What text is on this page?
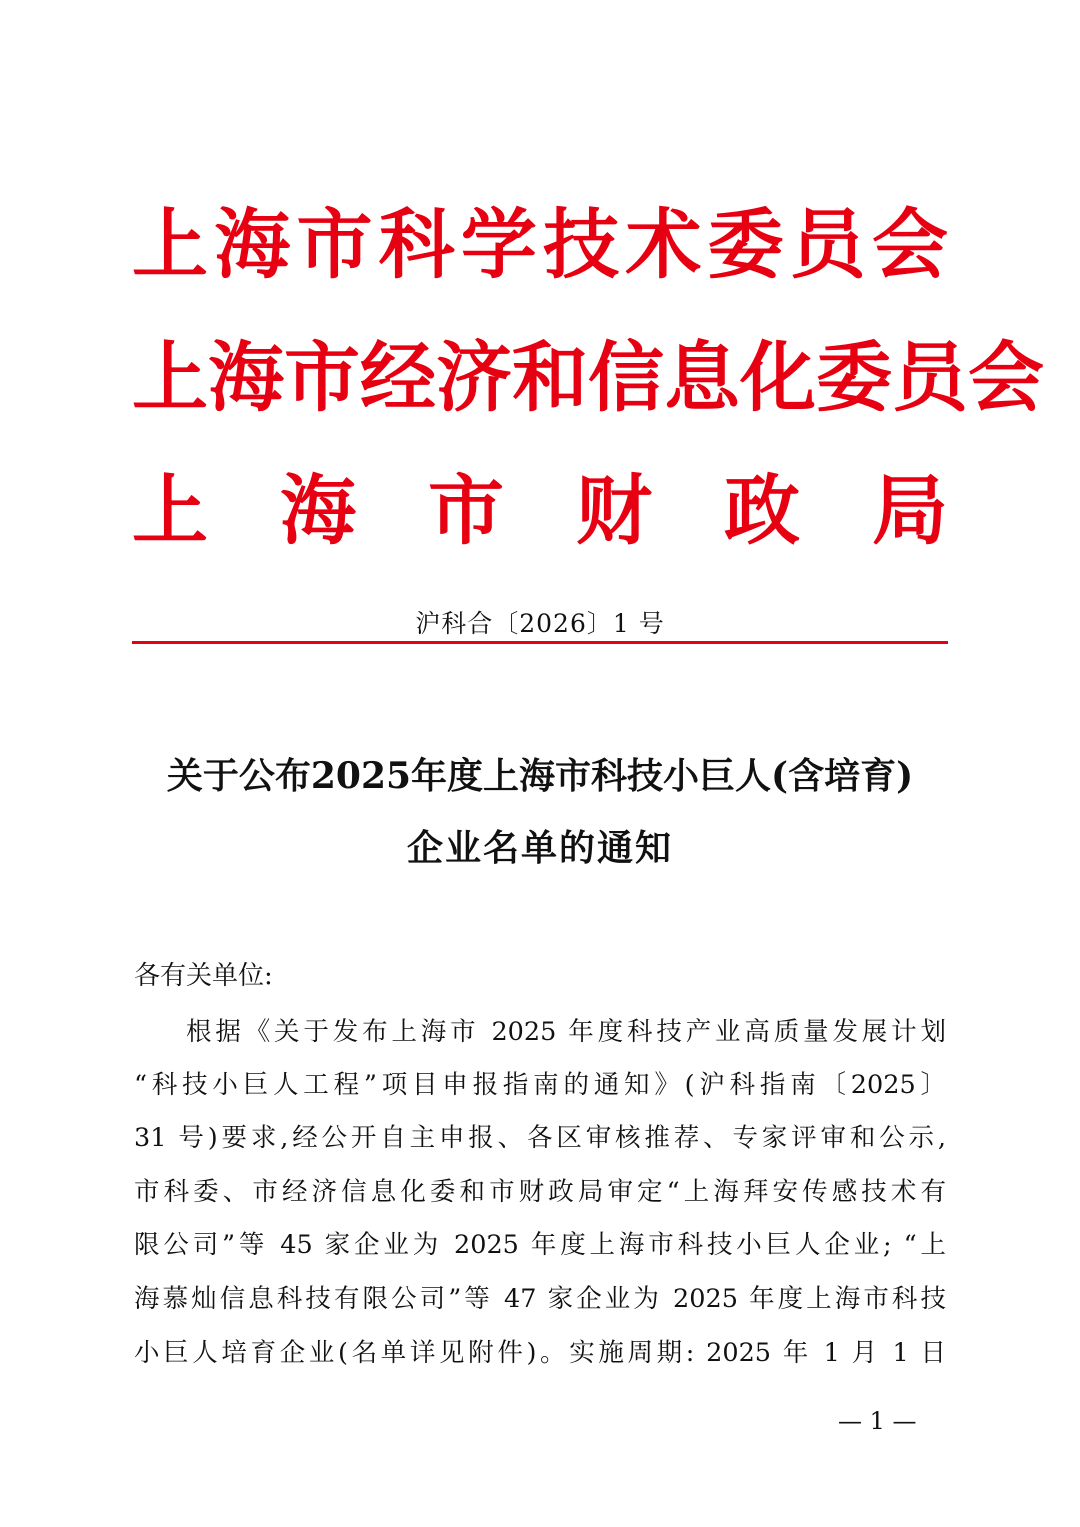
上 海 市 科 学 技 术 委 员 会
上 海 市 经 济 和 信 息 化 委 员 会
上 海 市 财 政 局
沪科合〔2026〕1 号
关于公布2025年度上海市科技小巨人(含培育)
企业名单的通知
各有关单位:
根据《关于发布上海市 2025 年度科技产业高质量发展计划
“科技小巨人工程”项目申报指南的通知》(沪科指南〔2025〕
31 号)要求,经公开自主申报、各区审核推荐、专家评审和公示,
市科委、市经济信息化委和市财政局审定“上海拜安传感技术有
限公司”等 45 家企业为 2025 年度上海市科技小巨人企业; “上
海慕灿信息科技有限公司”等 47 家企业为 2025 年度上海市科技
小巨人培育企业(名单详见附件)。实施周期: 2025 年 1 月 1 日
— 1 —
